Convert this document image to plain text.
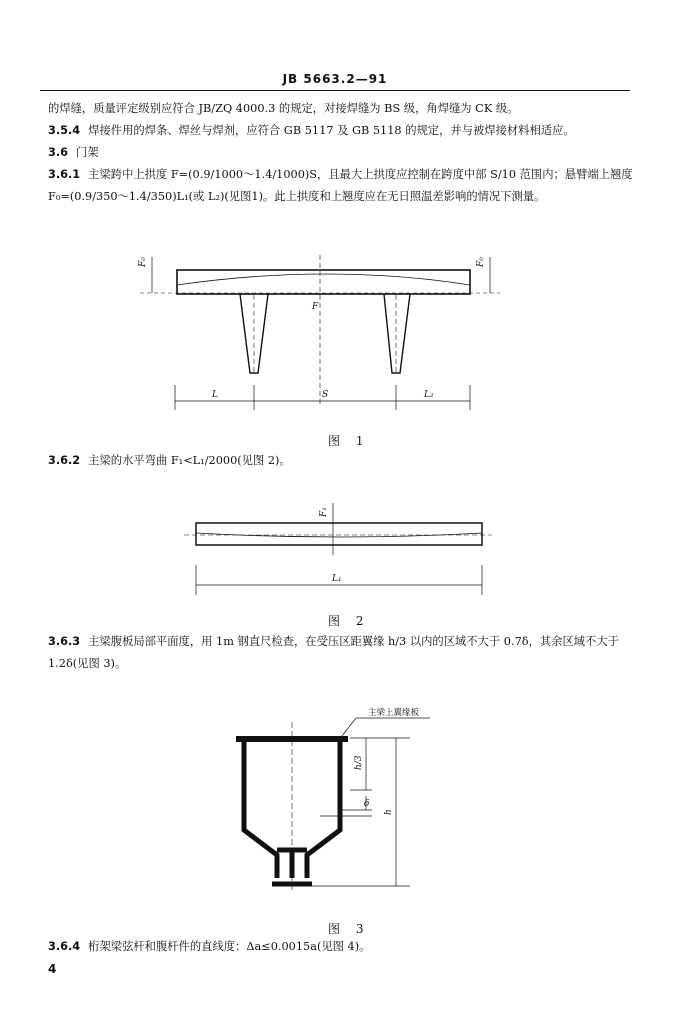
JB 5663.2—91
的焊缝，质量评定级别应符合 JB/ZQ 4000.3 的规定，对接焊缝为 BS 级，角焊缝为 CK 级。
3.5.4 焊接件用的焊条、焊丝与焊剂，应符合 GB 5117 及 GB 5118 的规定，并与被焊接材料相适应。
3.6 门架
3.6.1 主梁跨中上拱度 F=(0.9/1000～1.4/1000)S，且最大上拱度应控制在跨度中部 S/10 范围内；悬臂端上翘度 F₀=(0.9/350～1.4/350)L₁(或 L₂)(见图1)。此上拱度和上翘度应在无日照温差影响的情况下测量。
F₀
F
F₀
L	S	L₂
图 1
3.6.2 主梁的水平弯曲 F₁<L₁/2000(见图 2)。
F₁
L₁
图 2
3.6.3 主梁腹板局部平面度，用 1m 钢直尺检查，在受压区距翼缘 h/3 以内的区域不大于 0.7δ，其余区域不大于 1.2δ(见图 3)。
主梁上翼缘板
h/3
δ
h
图 3
3.6.4 桁架梁弦杆和腹杆件的直线度：Δa≤0.0015a(见图 4)。
4
